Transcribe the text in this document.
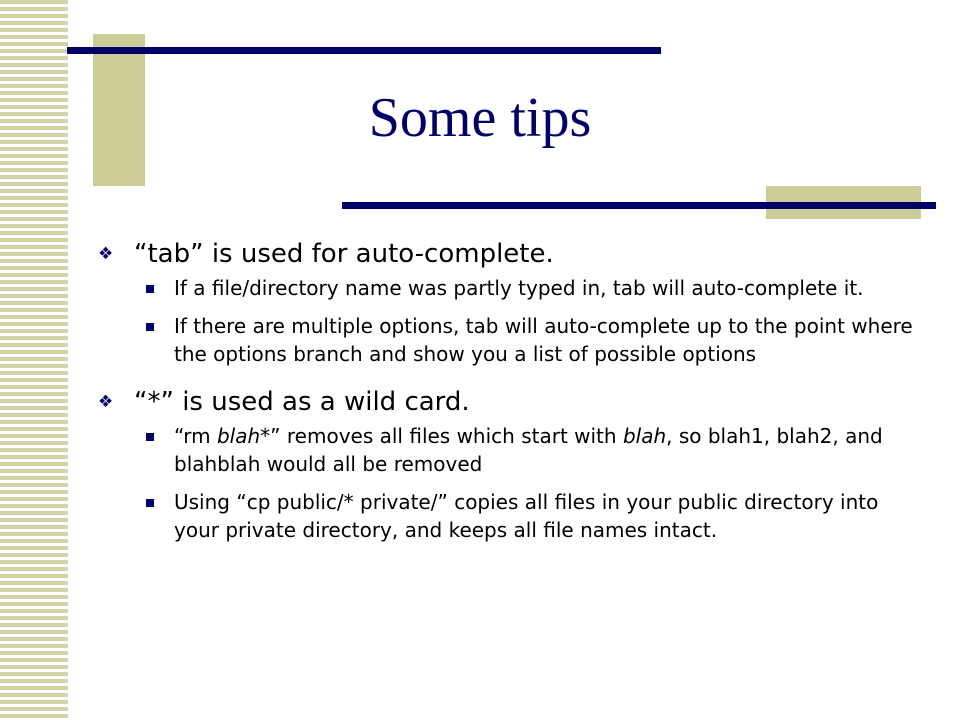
Some tips
❖ “tab” is used for auto-complete.
If a file/directory name was partly typed in, tab will auto-complete it.
If there are multiple options, tab will auto-complete up to the point where the options branch and show you a list of possible options
❖ “*” is used as a wild card.
“rm blah*” removes all files which start with blah, so blah1, blah2, and blahblah would all be removed
Using “cp public/* private/” copies all files in your public directory into your private directory, and keeps all file names intact.
